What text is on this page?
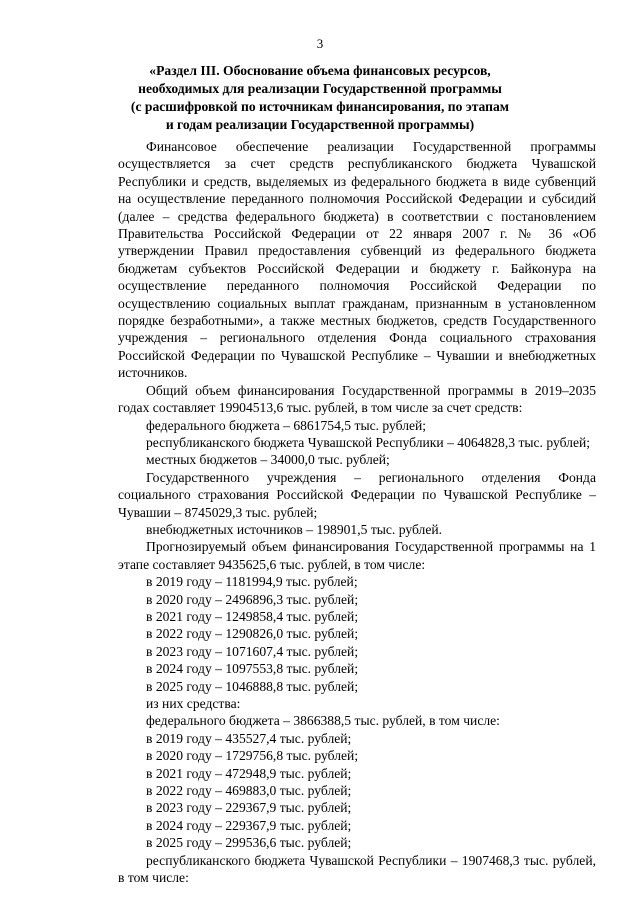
3
«Раздел III. Обоснование объема финансовых ресурсов,
необходимых для реализации Государственной программы
(с расшифровкой по источникам финансирования, по этапам
и годам реализации Государственной программы)

Финансовое обеспечение реализации Государственной программы осуществляется за счет средств республиканского бюджета Чувашской Республики и средств, выделяемых из федерального бюджета в виде субвенций на осуществление переданного полномочия Российской Федерации и субсидий (далее – средства федерального бюджета) в соответствии с постановлением Правительства Российской Федерации от 22 января 2007 г. № 36 «Об утверждении Правил предоставления субвенций из федерального бюджета бюджетам субъектов Российской Федерации и бюджету г. Байконура на осуществление переданного полномочия Российской Федерации по осуществлению социальных выплат гражданам, признанным в установленном порядке безработными», а также местных бюджетов, средств Государственного учреждения – регионального отделения Фонда социального страхования Российской Федерации по Чувашской Республике – Чувашии и внебюджетных источников.

Общий объем финансирования Государственной программы в 2019–2035 годах составляет 19904513,6 тыс. рублей, в том числе за счет средств:

федерального бюджета – 6861754,5 тыс. рублей;

республиканского бюджета Чувашской Республики – 4064828,3 тыс. рублей;

местных бюджетов – 34000,0 тыс. рублей;

Государственного учреждения – регионального отделения Фонда социального страхования Российской Федерации по Чувашской Республике – Чувашии – 8745029,3 тыс. рублей;

внебюджетных источников – 198901,5 тыс. рублей.

Прогнозируемый объем финансирования Государственной программы на 1 этапе составляет 9435625,6 тыс. рублей, в том числе:

в 2019 году – 1181994,9 тыс. рублей;

в 2020 году – 2496896,3 тыс. рублей;

в 2021 году – 1249858,4 тыс. рублей;

в 2022 году – 1290826,0 тыс. рублей;

в 2023 году – 1071607,4 тыс. рублей;

в 2024 году – 1097553,8 тыс. рублей;

в 2025 году – 1046888,8 тыс. рублей;

из них средства:

федерального бюджета – 3866388,5 тыс. рублей, в том числе:

в 2019 году – 435527,4 тыс. рублей;

в 2020 году – 1729756,8 тыс. рублей;

в 2021 году – 472948,9 тыс. рублей;

в 2022 году – 469883,0 тыс. рублей;

в 2023 году – 229367,9 тыс. рублей;

в 2024 году – 229367,9 тыс. рублей;

в 2025 году – 299536,6 тыс. рублей;

республиканского бюджета Чувашской Республики – 1907468,3 тыс. рублей, в том числе:
